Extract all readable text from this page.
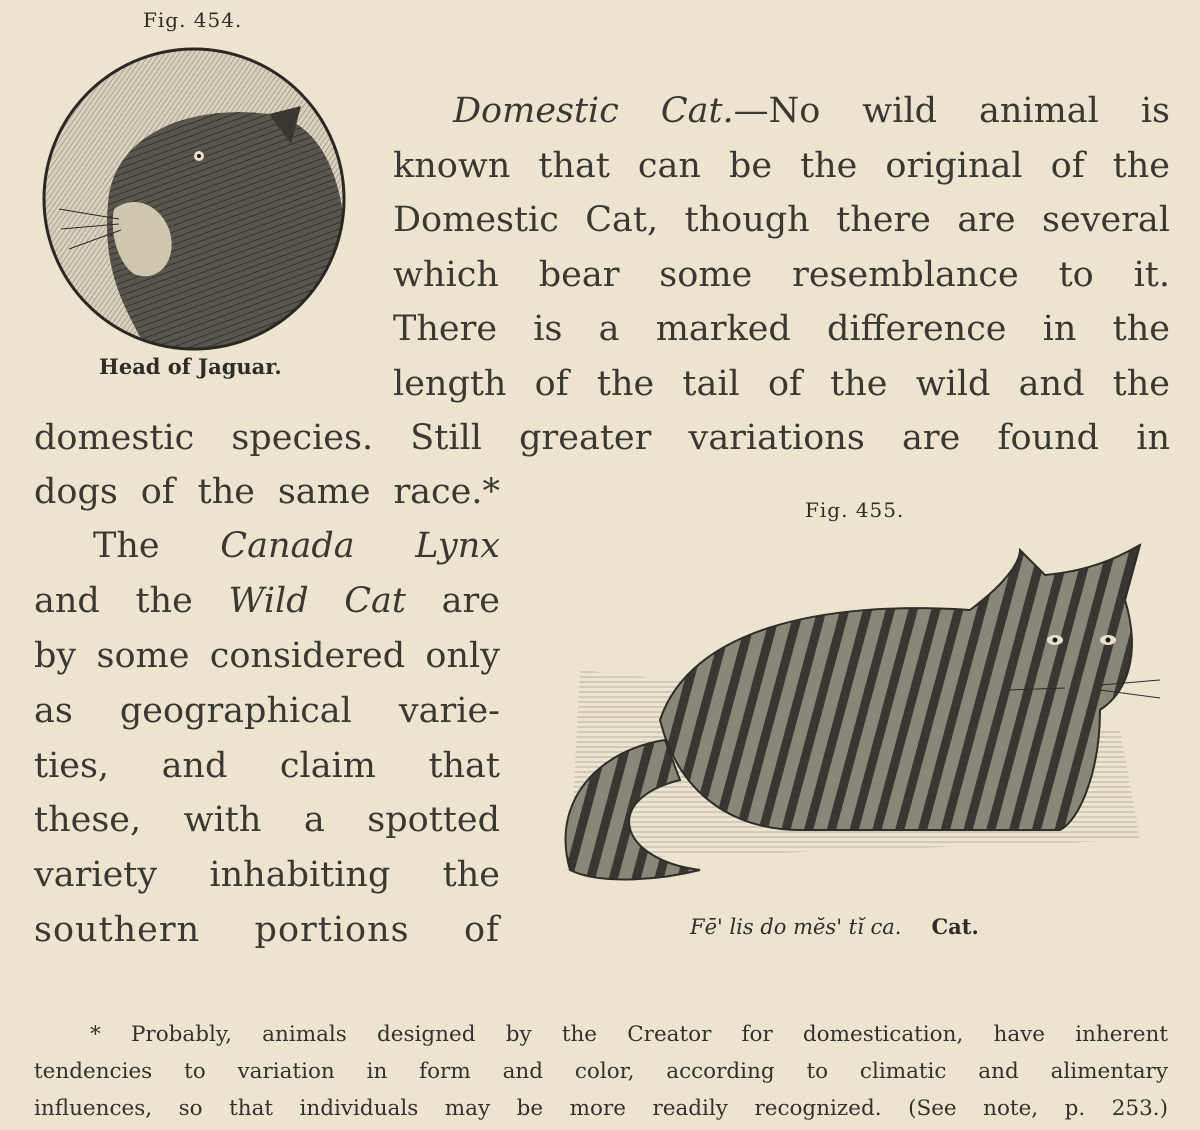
Fig. 454.
Head of Jaguar.
Domestic Cat.—No wild animal is
known that can be the original of the
Domestic Cat, though there are several
which bear some resemblance to it.
There is a marked difference in the
length of the tail of the wild and the
domestic species. Still greater variations are found in
dogs of the same race.*
The Canada Lynx
and the Wild Cat are
by some considered only
as geographical varie-
ties, and claim that
these, with a spotted
variety inhabiting the
southern portions of
Fig. 455.
Fē' lis do mĕs' tĭ ca. Cat.
* Probably, animals designed by the Creator for domestication, have inherent
tendencies to variation in form and color, according to climatic and alimentary
influences, so that individuals may be more readily recognized. (See note, p. 253.)
